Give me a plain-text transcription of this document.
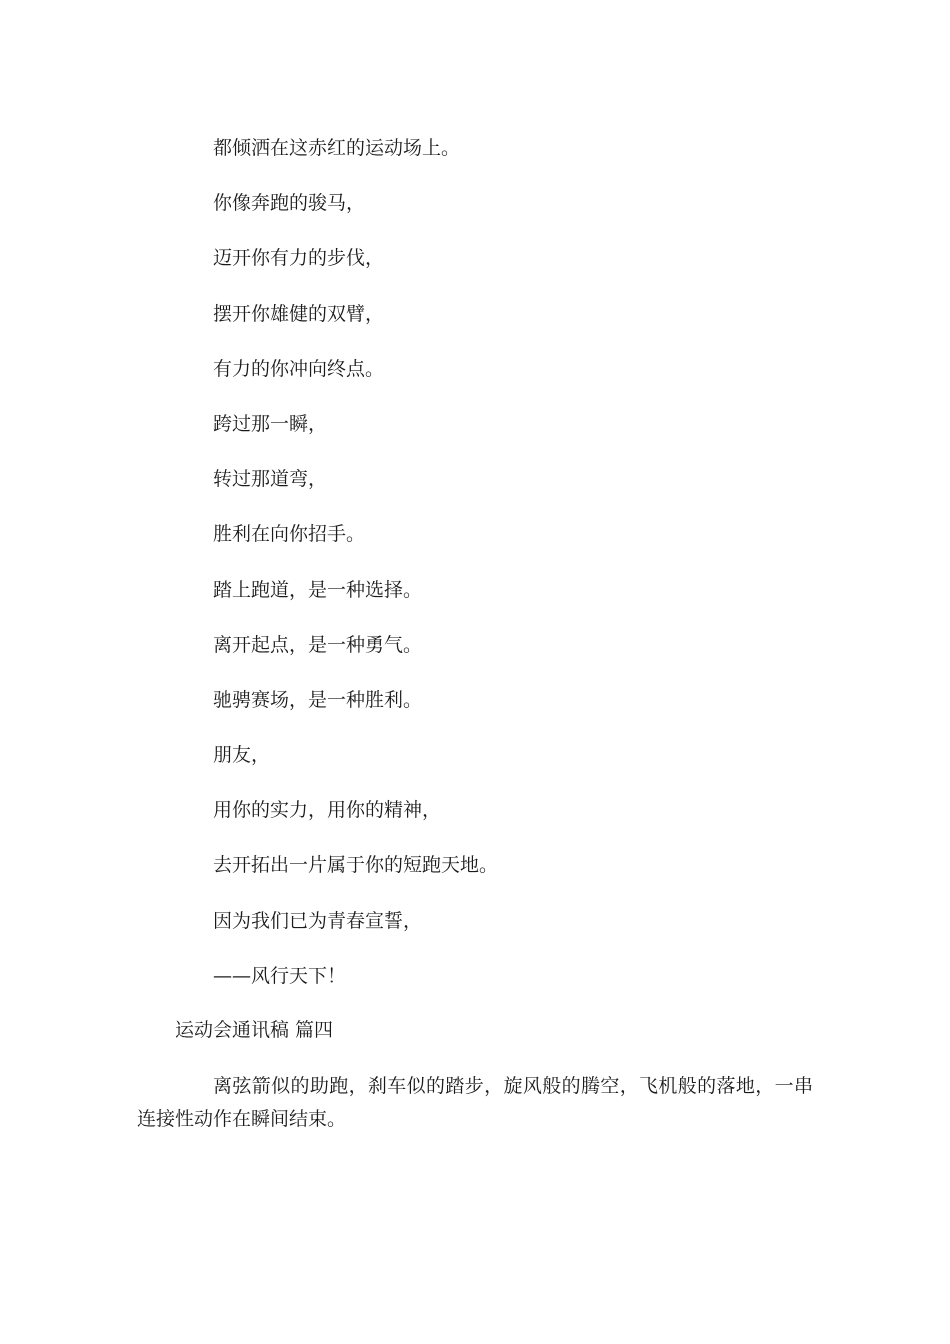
都倾洒在这赤红的运动场上。
你像奔跑的骏马，
迈开你有力的步伐，
摆开你雄健的双臂，
有力的你冲向终点。
跨过那一瞬，
转过那道弯，
胜利在向你招手。
踏上跑道，是一种选择。
离开起点，是一种勇气。
驰骋赛场，是一种胜利。
朋友，
用你的实力，用你的精神，
去开拓出一片属于你的短跑天地。
因为我们已为青春宣誓，
——风行天下！
运动会通讯稿 篇四

离弦箭似的助跑，刹车似的踏步，旋风般的腾空，飞机般的落地，一串连接性动作在瞬间结束。
